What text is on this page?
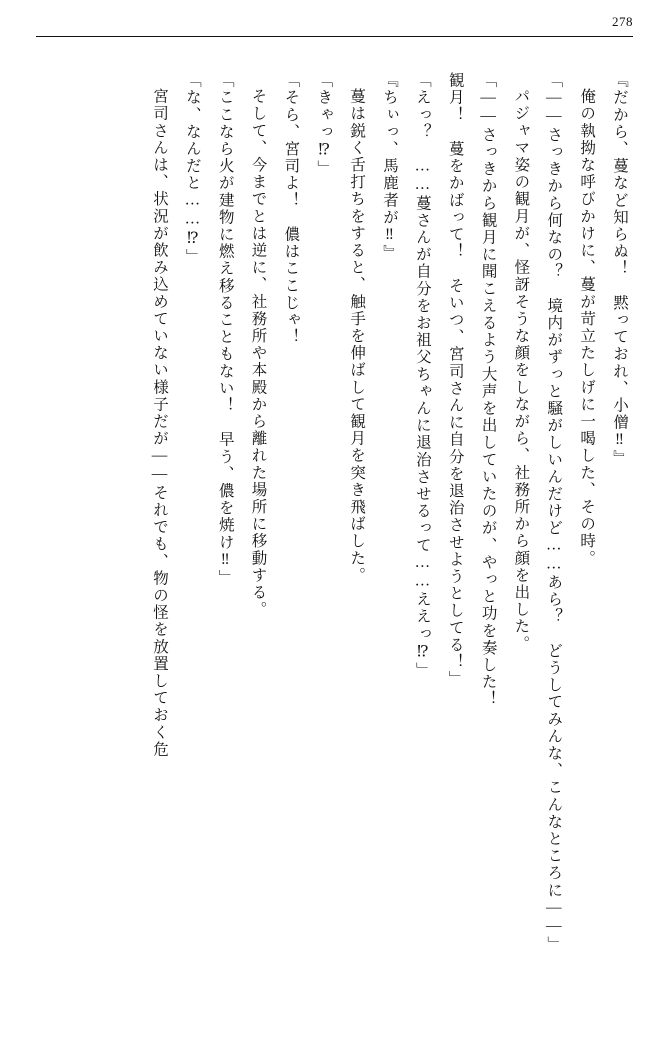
278

『だから、蔓など知らぬ！　黙っておれ、小僧‼』

俺の執拗な呼びかけに、蔓が苛立たしげに一喝した、その時。

「――さっきから何なの？　境内がずっと騒がしいんだけど……あら？　どうしてみんな、こんなところに――」

パジャマ姿の観月が、怪訝そうな顔をしながら、社務所から顔を出した。

「――さっきから観月に聞こえるよう大声を出していたのが、やっと功を奏した！

観月！　蔓をかばって！　そいつ、宮司さんに自分を退治させようとしてる！」

「えっ？　……蔓さんが自分をお祖父ちゃんに退治させるって……ええっ⁉」

『ちぃっ、馬鹿者が‼』

蔓は鋭く舌打ちをすると、触手を伸ばして観月を突き飛ばした。

「きゃっ⁉」

「そら、宮司よ！　儂はここじゃ！

そして、今までとは逆に、社務所や本殿から離れた場所に移動する。

「ここなら火が建物に燃え移ることもない！　早う、儂を焼け‼」

「な、なんだと……⁉」

宮司さんは、状況が飲み込めていない様子だが――それでも、物の怪を放置しておく危
